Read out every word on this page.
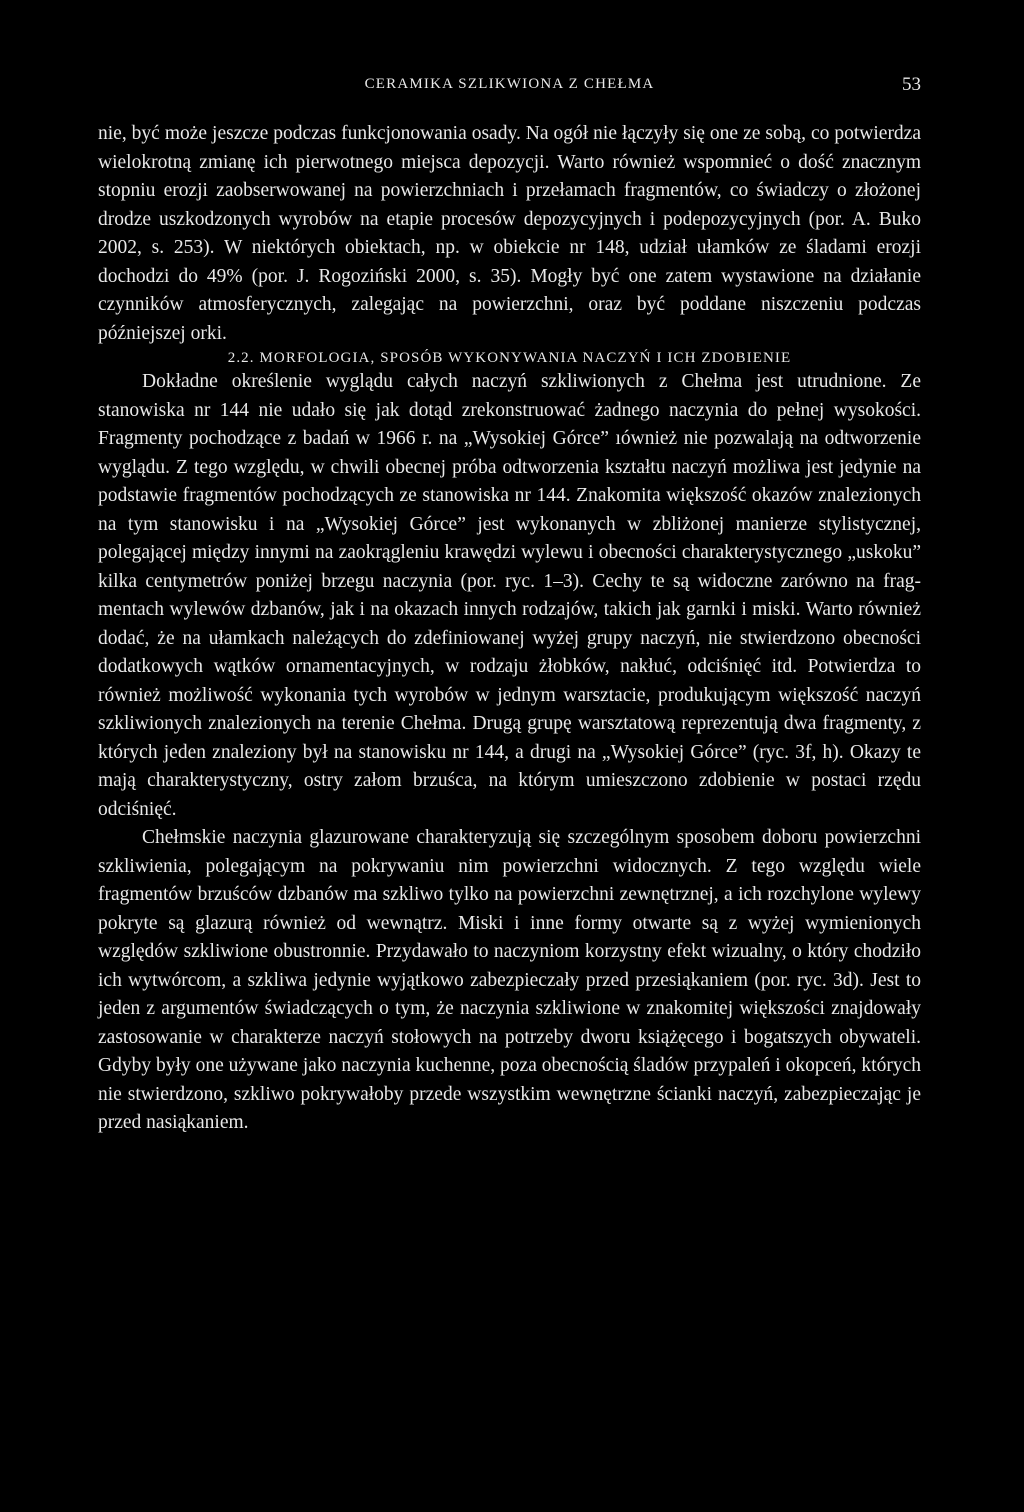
CERAMIKA SZLIKWIONA Z CHEŁMA	53

nie, być może jeszcze podczas funkcjonowania osady. Na ogół nie łączyły się one ze sobą, co potwierdza wielokrotną zmianę ich pierwotnego miejsca depozycji. Warto również wspomnieć o dość znacznym stopniu erozji zaobserwowanej na powierzchniach i przełamach fragmentów, co świadczy o złożonej drodze uszkodzonych wyrobów na etapie procesów depozycyjnych i podepozycyjnych (por. A. Buko 2002, s. 253). W niektórych obiektach, np. w obiekcie nr 148, udział ułamków ze śladami erozji dochodzi do 49% (por. J. Rogoziński 2000, s. 35). Mogły być one zatem wystawione na działanie czynników atmosferycznych, zalegając na powierzchni, oraz być poddane niszczeniu podczas późniejszej orki.

2.2. MORFOLOGIA, SPOSÓB WYKONYWANIA NACZYŃ I ICH ZDOBIENIE

Dokładne określenie wyglądu całych naczyń szkliwionych z Chełma jest utrudnione. Ze stanowiska nr 144 nie udało się jak dotąd zrekonstruować żadnego naczynia do pełnej wysokości. Fragmenty pochodzące z badań w 1966 r. na „Wysokiej Górce” ıównież nie pozwalają na odtworzenie wyglądu. Z tego względu, w chwili obecnej próba odtworzenia kształtu naczyń możliwa jest jedynie na podstawie fragmentów pochodzących ze stanowiska nr 144. Znakomita większość okazów znalezionych na tym stanowisku i na „Wysokiej Górce” jest wykonanych w zbliżonej manierze stylistycznej, polegającej między innymi na zaokrągleniu krawędzi wylewu i obecności charakterystycznego „uskoku” kilka centymetrów poniżej brzegu naczynia (por. ryc. 1–3). Cechy te są widoczne zarówno na fragmentach wylewów dzbanów, jak i na okazach innych rodzajów, takich jak garnki i miski. Warto również dodać, że na ułamkach należących do zdefiniowanej wyżej grupy naczyń, nie stwierdzono obecności dodatkowych wątków ornamentacyjnych, w rodzaju żłobków, nakłuć, odciśnięć itd. Potwierdza to również możliwość wykonania tych wyrobów w jednym warsztacie, produkującym większość naczyń szkliwionych znalezionych na terenie Chełma. Drugą grupę warsztatową reprezentują dwa fragmenty, z których jeden znaleziony był na stanowisku nr 144, a drugi na „Wysokiej Górce” (ryc. 3f, h). Okazy te mają charakterystyczny, ostry załom brzuśca, na którym umieszczono zdobienie w postaci rzędu odciśnięć.

Chełmskie naczynia glazurowane charakteryzują się szczególnym sposobem doboru powierzchni szkliwienia, polegającym na pokrywaniu nim powierzchni widocznych. Z tego względu wiele fragmentów brzuśców dzbanów ma szkliwo tylko na powierzchni zewnętrznej, a ich rozchylone wylewy pokryte są glazurą również od wewnątrz. Miski i inne formy otwarte są z wyżej wymienionych względów szkliwione obustronnie. Przydawało to naczyniom korzystny efekt wizualny, o który chodziło ich wytwórcom, a szkliwa jedynie wyjątkowo zabezpieczały przed przesiąkaniem (por. ryc. 3d). Jest to jeden z argumentów świadczących o tym, że naczynia szkliwione w znakomitej większości znajdowały zastosowanie w charakterze naczyń stołowych na potrzeby dworu książęcego i bogatszych obywateli. Gdyby były one używane jako naczynia kuchenne, poza obecnością śladów przypaleń i okopceń, których nie stwierdzono, szkliwo pokrywałoby przede wszystkim wewnętrzne ścianki naczyń, zabezpieczając je przed nasiąkaniem.
